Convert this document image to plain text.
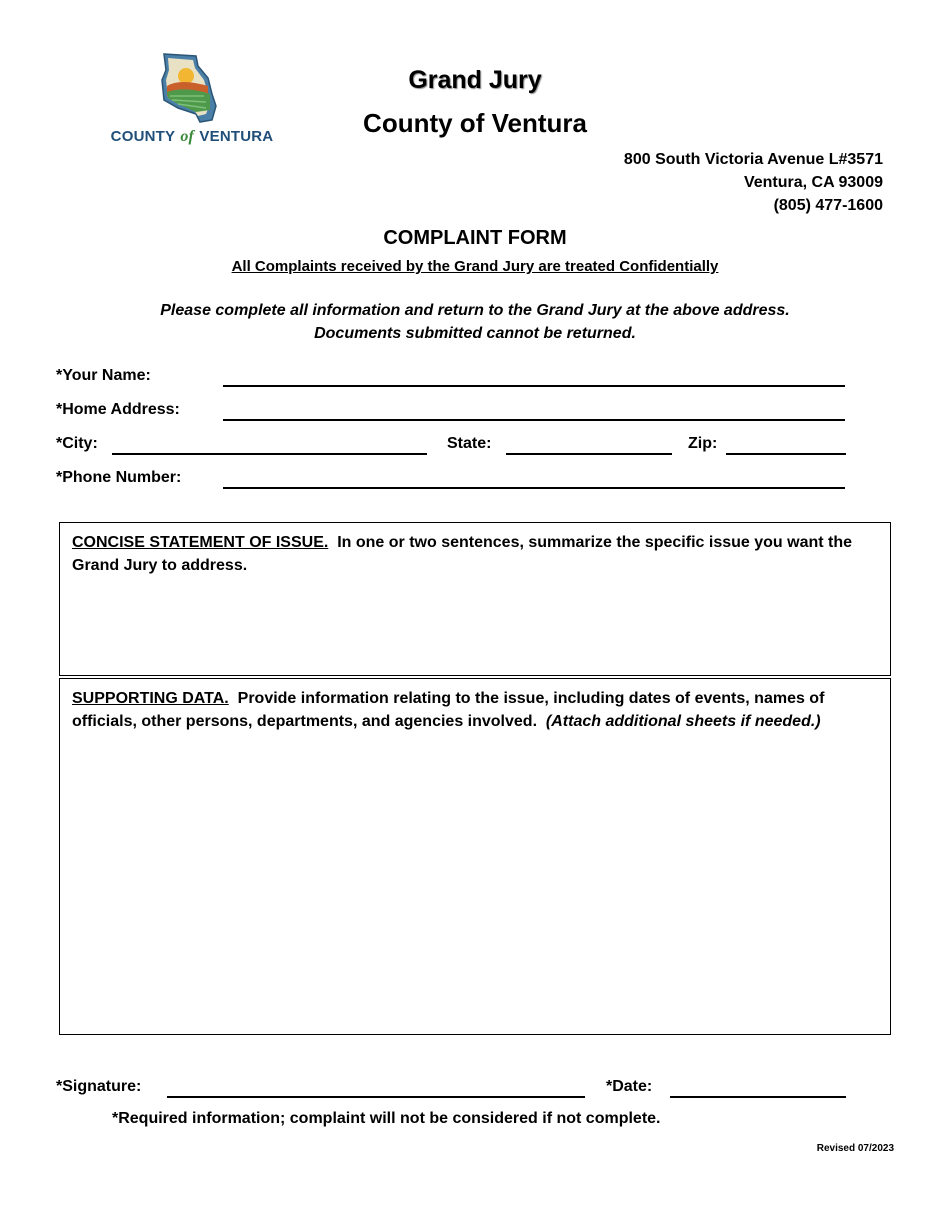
COUNTY of VENTURA
Grand Jury
County of Ventura
800 South Victoria Avenue L#3571
Ventura, CA 93009
(805) 477-1600
COMPLAINT FORM
All Complaints received by the Grand Jury are treated Confidentially
Please complete all information and return to the Grand Jury at the above address.
Documents submitted cannot be returned.
*Your Name:
*Home Address:
*City:	State:	Zip:
*Phone Number:
CONCISE STATEMENT OF ISSUE. In one or two sentences, summarize the specific issue you want the Grand Jury to address.
SUPPORTING DATA. Provide information relating to the issue, including dates of events, names of officials, other persons, departments, and agencies involved. (Attach additional sheets if needed.)
*Signature:	*Date:
*Required information; complaint will not be considered if not complete.
Revised 07/2023
